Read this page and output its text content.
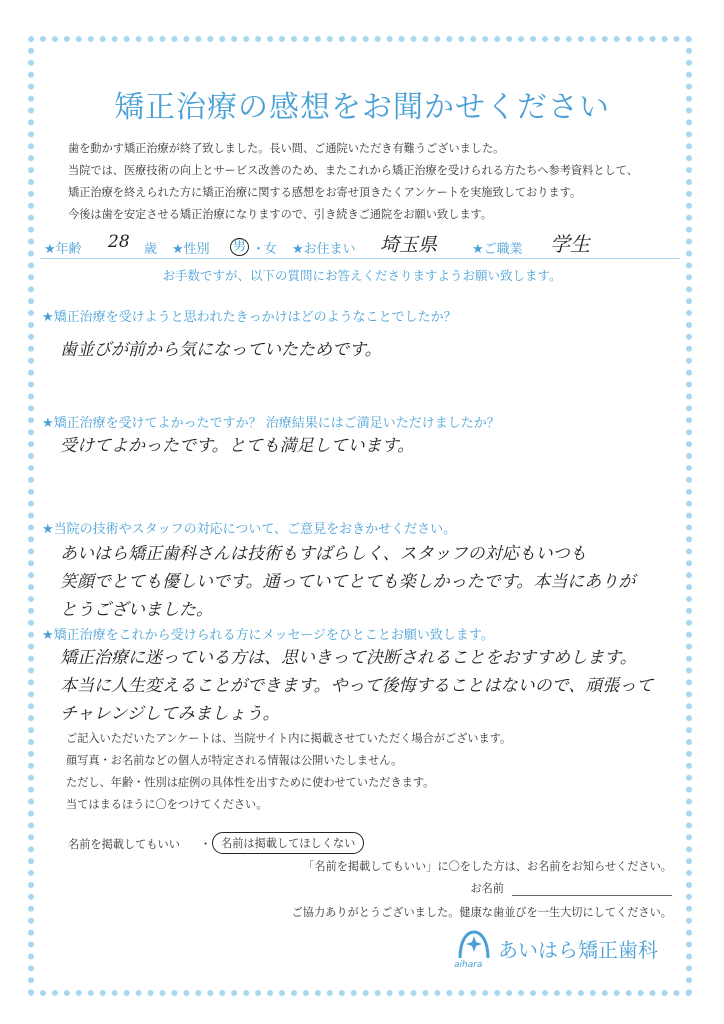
矯正治療の感想をお聞かせください
歯を動かす矯正治療が終了致しました。長い間、ご通院いただき有難うございました。
当院では、医療技術の向上とサービス改善のため、またこれから矯正治療を受けられる方たちへ参考資料として、
矯正治療を終えられた方に矯正治療に関する感想をお寄せ頂きたくアンケートを実施致しております。
今後は歯を安定させる矯正治療になりますので、引き続きご通院をお願い致します。
★年齢 28 歳 ★性別 男 ・
女 ★お住まい 埼玉県	★ご職業 学生
お手数ですが、以下の質問にお答えくださりますようお願い致します。
★矯正治療を受けようと思われたきっかけはどのようなことでしたか？
歯並びが前から気になっていたためです。
★矯正治療を受けてよかったですか？ 治療結果にはご満足いただけましたか？
受けてよかったです。とても満足しています。
★当院の技術やスタッフの対応について、ご意見をおきかせください。
あいはら矯正歯科さんは技術もすばらしく、スタッフの対応もいつも
笑顔でとても優しいです。通っていてとても楽しかったです。本当にありが
とうございました。
★矯正治療をこれから受けられる方にメッセージをひとことお願い致します。
矯正治療に迷っている方は、思いきって決断されることをおすすめします。
本当に人生変えることができます。やって後悔することはないので、頑張って
チャレンジしてみましょう。
ご記入いただいたアンケートは、当院サイト内に掲載させていただく場合がございます。
顔写真・お名前などの個人が特定される情報は公開いたしません。
ただし、年齢・性別は症例の具体性を出すために使わせていただきます。
当てはまるほうに〇をつけてください。
名前を掲載してもいい ・ 名前は掲載してほしくない
「名前を掲載してもいい」に〇をした方は、お名前をお知らせください。
お名前
ご協力ありがとうございました。健康な歯並びを一生大切にしてください。
あいはら矯正歯科
aihara
